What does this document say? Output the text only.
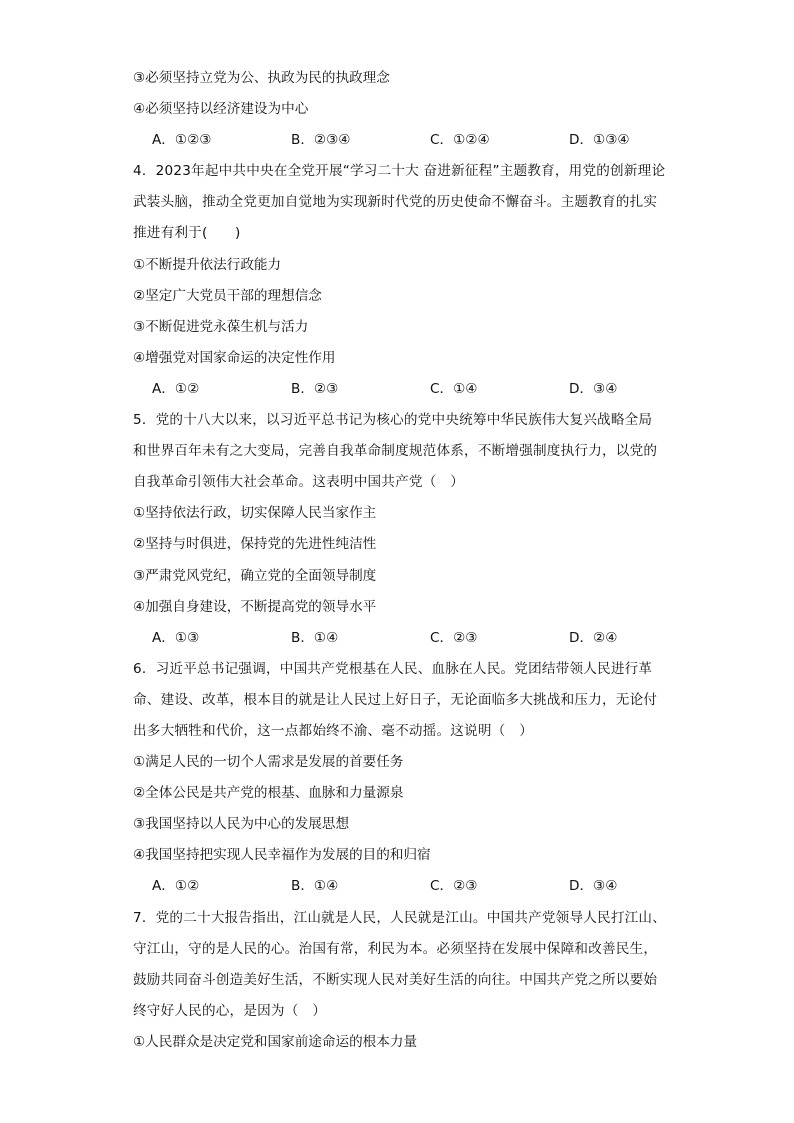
③必须坚持立党为公、执政为民的执政理念
④必须坚持以经济建设为中心
A．①②③	B．②③④	C．①②④	D．①③④
4．2023年起中共中央在全党开展“学习二十大 奋进新征程”主题教育，用党的创新理论
武装头脑，推动全党更加自觉地为实现新时代党的历史使命不懈奋斗。主题教育的扎实
推进有利于(　　)
①不断提升依法行政能力
②坚定广大党员干部的理想信念
③不断促进党永葆生机与活力
④增强党对国家命运的决定性作用
A．①②	B．②③	C．①④	D．③④
5．党的十八大以来，以习近平总书记为核心的党中央统筹中华民族伟大复兴战略全局
和世界百年未有之大变局，完善自我革命制度规范体系，不断增强制度执行力，以党的
自我革命引领伟大社会革命。这表明中国共产党（　）
①坚持依法行政，切实保障人民当家作主
②坚持与时俱进，保持党的先进性纯洁性
③严肃党风党纪，确立党的全面领导制度
④加强自身建设，不断提高党的领导水平
A．①③	B．①④	C．②③	D．②④
6．习近平总书记强调，中国共产党根基在人民、血脉在人民。党团结带领人民进行革
命、建设、改革，根本目的就是让人民过上好日子，无论面临多大挑战和压力，无论付
出多大牺牲和代价，这一点都始终不渝、毫不动摇。这说明（　）
①满足人民的一切个人需求是发展的首要任务
②全体公民是共产党的根基、血脉和力量源泉
③我国坚持以人民为中心的发展思想
④我国坚持把实现人民幸福作为发展的目的和归宿
A．①②	B．①④	C．②③	D．③④
7．党的二十大报告指出，江山就是人民，人民就是江山。中国共产党领导人民打江山、
守江山，守的是人民的心。治国有常，利民为本。必须坚持在发展中保障和改善民生，
鼓励共同奋斗创造美好生活，不断实现人民对美好生活的向往。中国共产党之所以要始
终守好人民的心，是因为（　）
①人民群众是决定党和国家前途命运的根本力量
